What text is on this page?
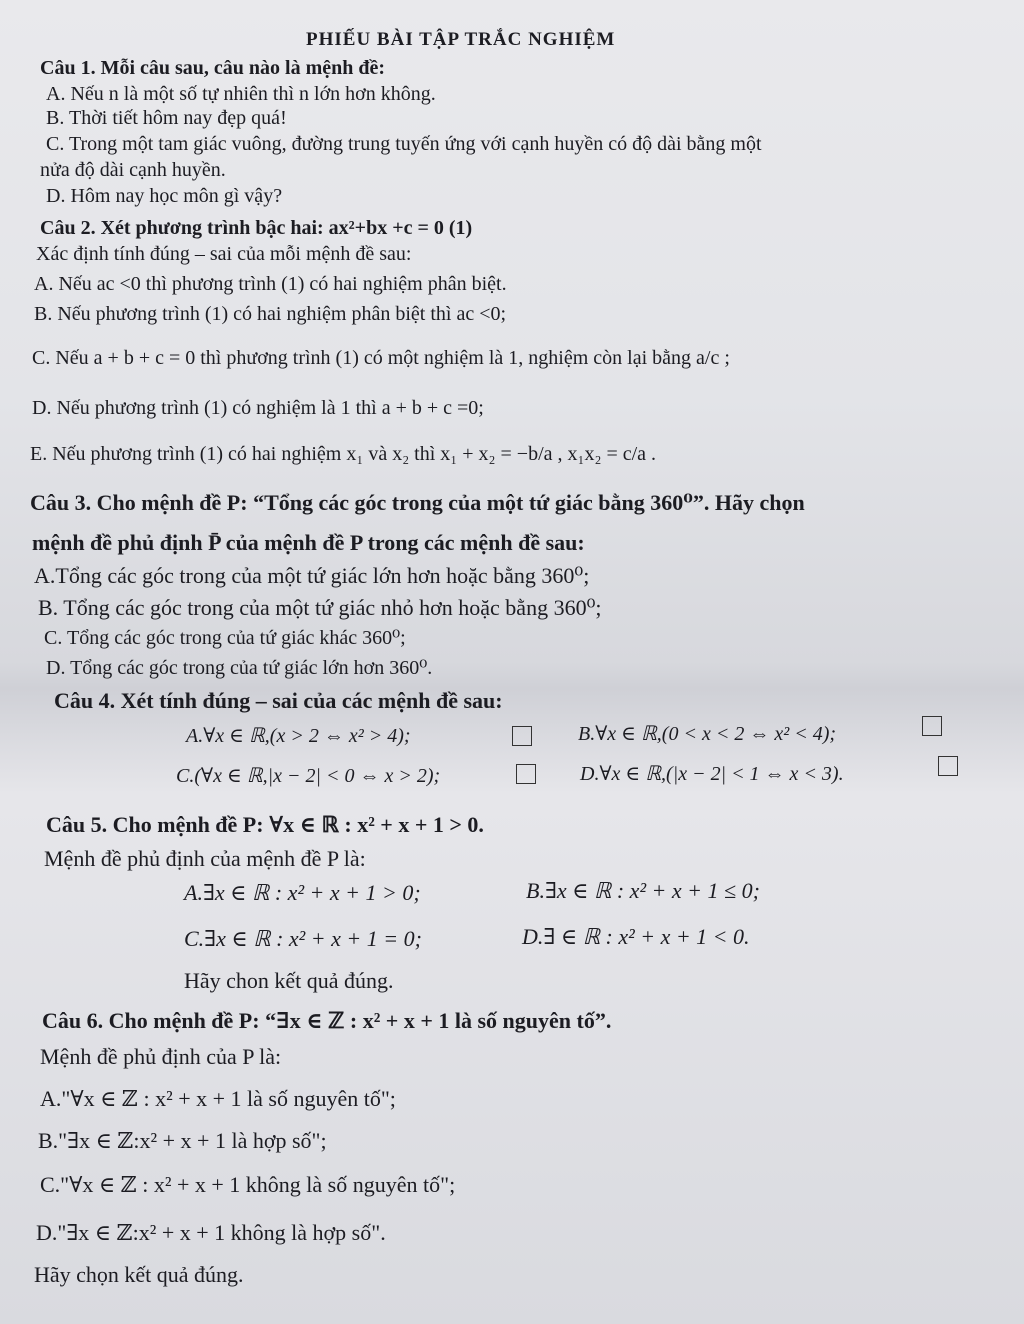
PHIẾU BÀI TẬP TRẮC NGHIỆM
Câu 1. Mỗi câu sau, câu nào là mệnh đề:
A. Nếu n là một số tự nhiên thì n lớn hơn không.
B. Thời tiết hôm nay đẹp quá!
C. Trong một tam giác vuông, đường trung tuyến ứng với cạnh huyền có độ dài bằng một
nửa độ dài cạnh huyền.
D. Hôm nay học môn gì vậy?
Câu 2. Xét phương trình bậc hai: ax²+bx +c = 0 (1)
Xác định tính đúng – sai của mỗi mệnh đề sau:
A. Nếu ac <0 thì phương trình (1) có hai nghiệm phân biệt.
B. Nếu phương trình (1) có hai nghiệm phân biệt thì ac <0;
C. Nếu a + b + c = 0 thì phương trình (1) có một nghiệm là 1, nghiệm còn lại bằng a/c ;
D. Nếu phương trình (1) có nghiệm là 1 thì a + b + c =0;
E. Nếu phương trình (1) có hai nghiệm x₁ và x₂ thì x₁ + x₂ = −b/a , x₁x₂ = c/a .
Câu 3. Cho mệnh đề P: “Tổng các góc trong của một tứ giác bằng 360⁰”. Hãy chọn
mệnh đề phủ định P̄ của mệnh đề P trong các mệnh đề sau:
A.Tổng các góc trong của một tứ giác lớn hơn hoặc bằng 360⁰;
B. Tổng các góc trong của một tứ giác nhỏ hơn hoặc bằng 360⁰;
C. Tổng các góc trong của tứ giác khác 360⁰;
D. Tổng các góc trong của tứ giác lớn hơn 360⁰.
Câu 4. Xét tính đúng – sai của các mệnh đề sau:
A.∀x ∈ ℝ,(x > 2 ⇔ x² > 4);	B.∀x ∈ ℝ,(0 < x < 2 ⇔ x² < 4);
C.(∀x ∈ ℝ,|x − 2| < 0 ⇔ x > 2);	D.∀x ∈ ℝ,(|x − 2| < 1 ⇔ x < 3).
Câu 5. Cho mệnh đề P: ∀x ∈ ℝ : x² + x + 1 > 0.
Mệnh đề phủ định của mệnh đề P là:
A.∃x ∈ ℝ : x² + x + 1 > 0;	B.∃x ∈ ℝ : x² + x + 1 ≤ 0;
C.∃x ∈ ℝ : x² + x + 1 = 0;	D.∃ ∈ ℝ : x² + x + 1 < 0.
Hãy chon kết quả đúng.
Câu 6. Cho mệnh đề P: “∃x ∈ ℤ : x² + x + 1 là số nguyên tố”.
Mệnh đề phủ định của P là:
A."∀x ∈ ℤ : x² + x + 1 là số nguyên tố";
B."∃x ∈ ℤ:x² + x + 1 là hợp số";
C."∀x ∈ ℤ : x² + x + 1 không là số nguyên tố";
D."∃x ∈ ℤ:x² + x + 1 không là hợp số".
Hãy chọn kết quả đúng.
